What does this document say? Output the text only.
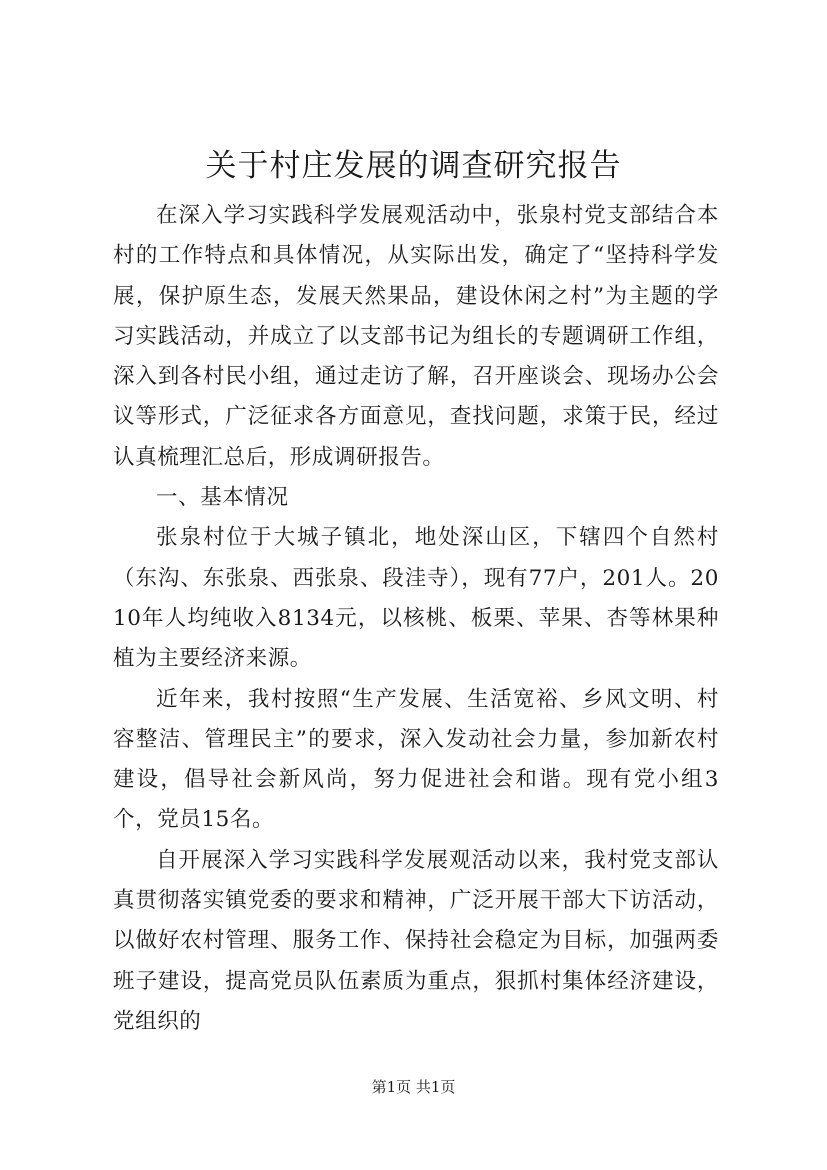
关于村庄发展的调查研究报告

在深入学习实践科学发展观活动中，张泉村党支部结合本村的工作特点和具体情况，从实际出发，确定了“坚持科学发展，保护原生态，发展天然果品，建设休闲之村”为主题的学习实践活动，并成立了以支部书记为组长的专题调研工作组，深入到各村民小组，通过走访了解，召开座谈会、现场办公会议等形式，广泛征求各方面意见，查找问题，求策于民，经过认真梳理汇总后，形成调研报告。

一、基本情况

张泉村位于大城子镇北，地处深山区，下辖四个自然村（东沟、东张泉、西张泉、段洼寺），现有77户，201人。2010年人均纯收入8134元，以核桃、板栗、苹果、杏等林果种植为主要经济来源。

近年来，我村按照“生产发展、生活宽裕、乡风文明、村容整洁、管理民主”的要求，深入发动社会力量，参加新农村建设，倡导社会新风尚，努力促进社会和谐。现有党小组3个，党员15名。

自开展深入学习实践科学发展观活动以来，我村党支部认真贯彻落实镇党委的要求和精神，广泛开展干部大下访活动，以做好农村管理、服务工作、保持社会稳定为目标，加强两委班子建设，提高党员队伍素质为重点，狠抓村集体经济建设，党组织的

第1页 共1页
